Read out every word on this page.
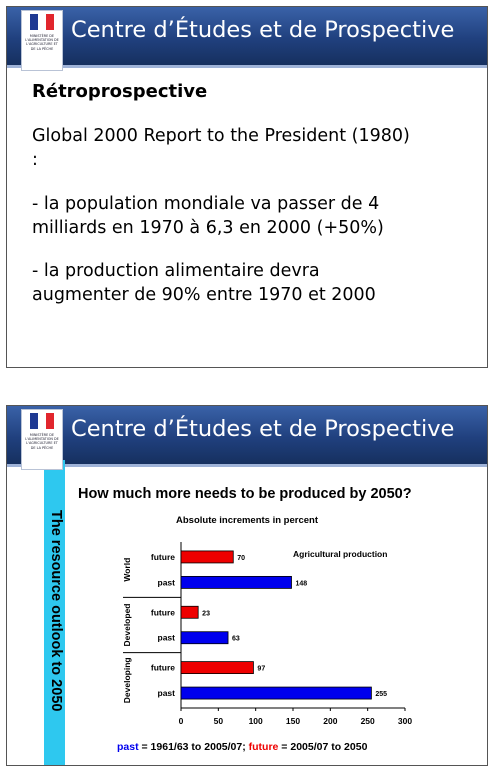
MINISTÈRE DE L'ALIMENTATION DE L'AGRICULTURE ET DE LA PÊCHE
Centre d’Études et de Prospective
Rétroprospective
Global 2000 Report to the President (1980)
:
- la population mondiale va passer de 4
milliards en 1970 à 6,3 en 2000 (+50%)
- la production alimentaire devra
augmenter de 90% entre 1970 et 2000
The resource outlook to 2050
MINISTÈRE DE L'ALIMENTATION DE L'AGRICULTURE ET DE LA PÊCHE
Centre d’Études et de Prospective
How much more needs to be produced by 2050?
Absolute increments in percent
0	50	100	150	200	250	300
Agricultural production
World
future	70
past	148
Developed future	23
past	63
Developing future	97
past	255
past = 1961/63 to 2005/07; future = 2005/07 to 2050
